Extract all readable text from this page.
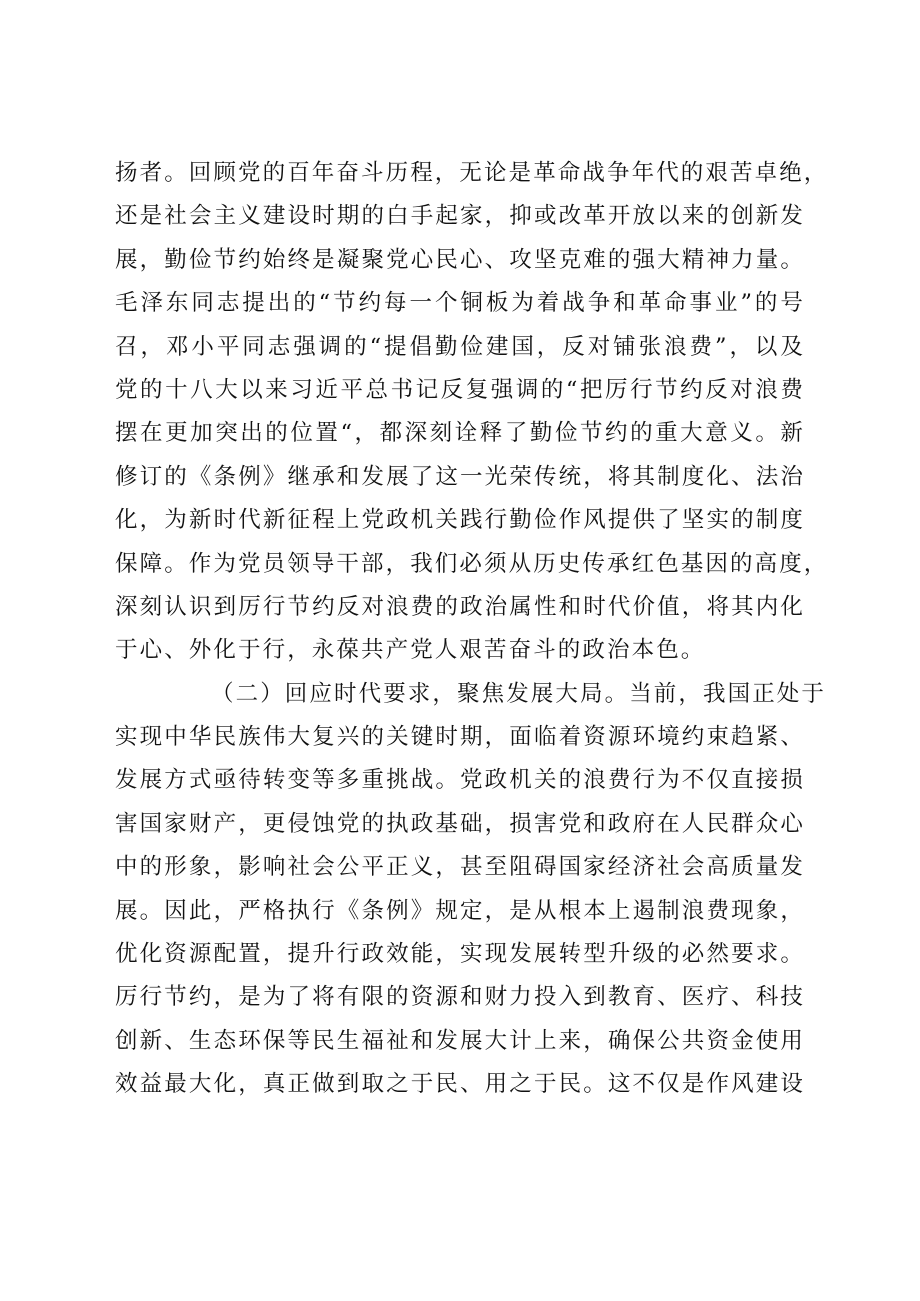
扬者。回顾党的百年奋斗历程，无论是革命战争年代的艰苦卓绝，
还是社会主义建设时期的白手起家，抑或改革开放以来的创新发
展，勤俭节约始终是凝聚党心民心、攻坚克难的强大精神力量。
毛泽东同志提出的“节约每一个铜板为着战争和革命事业”的号
召，邓小平同志强调的“提倡勤俭建国，反对铺张浪费”，以及
党的十八大以来习近平总书记反复强调的“把厉行节约反对浪费
摆在更加突出的位置“，都深刻诠释了勤俭节约的重大意义。新
修订的《条例》继承和发展了这一光荣传统，将其制度化、法治
化，为新时代新征程上党政机关践行勤俭作风提供了坚实的制度
保障。作为党员领导干部，我们必须从历史传承红色基因的高度，
深刻认识到厉行节约反对浪费的政治属性和时代价值，将其内化
于心、外化于行，永葆共产党人艰苦奋斗的政治本色。
（二）回应时代要求，聚焦发展大局。当前，我国正处于
实现中华民族伟大复兴的关键时期，面临着资源环境约束趋紧、
发展方式亟待转变等多重挑战。党政机关的浪费行为不仅直接损
害国家财产，更侵蚀党的执政基础，损害党和政府在人民群众心
中的形象，影响社会公平正义，甚至阻碍国家经济社会高质量发
展。因此，严格执行《条例》规定，是从根本上遏制浪费现象，
优化资源配置，提升行政效能，实现发展转型升级的必然要求。
厉行节约，是为了将有限的资源和财力投入到教育、医疗、科技
创新、生态环保等民生福祉和发展大计上来，确保公共资金使用
效益最大化，真正做到取之于民、用之于民。这不仅是作风建设
